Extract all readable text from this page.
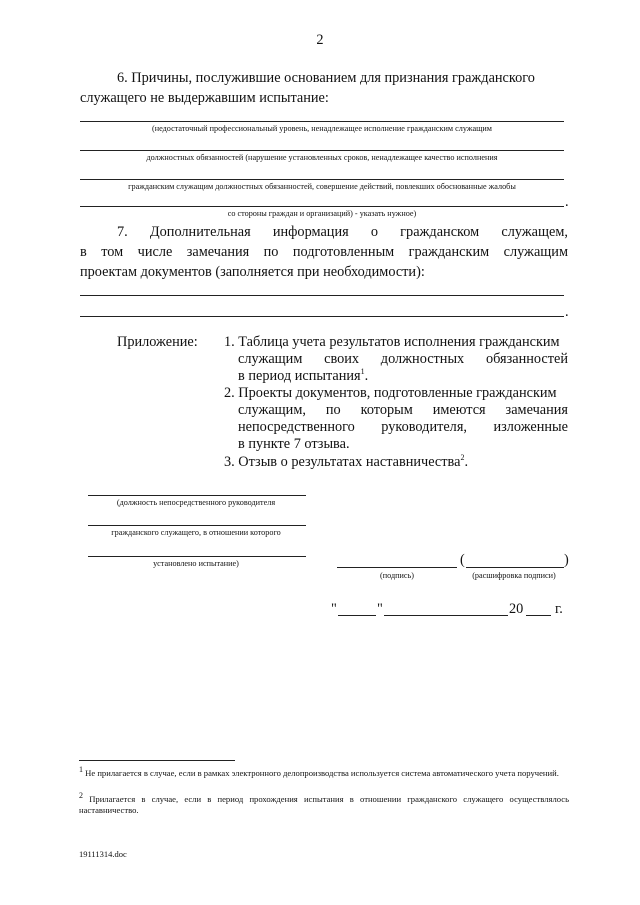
2
6. Причины, послужившие основанием для признания гражданского
служащего не выдержавшим испытание:
(недостаточный профессиональный уровень, ненадлежащее исполнение гражданским служащим
должностных обязанностей (нарушение установленных сроков, ненадлежащее качество исполнения
гражданским служащим должностных обязанностей, совершение действий, повлекших обоснованные жалобы
.
со стороны граждан и организаций) - указать нужное)
7. Дополнительная информация о гражданском служащем,
в том числе замечания по подготовленным гражданским служащим
проектам документов (заполняется при необходимости):
.
Приложение: 1. Таблица учета результатов исполнения гражданским
служащим своих должностных обязанностей
в период испытания$^1$.
2. Проекты документов, подготовленные гражданским
служащим, по которым имеются замечания
непосредственного руководителя, изложенные
в пункте 7 отзыва.
3. Отзыв о результатах наставничества$^2$.
(должность непосредственного руководителя
гражданского служащего, в отношении которого
установлено испытание)	(	)
(подпись)	(расшифровка подписи)
"	"	20 г.
$^1$ Не прилагается в случае, если в рамках электронного делопроизводства используется система автоматического учета поручений.
$^2$ Прилагается в случае, если в период прохождения испытания в отношении гражданского служащего осуществлялось наставничество.
19111314.doc
